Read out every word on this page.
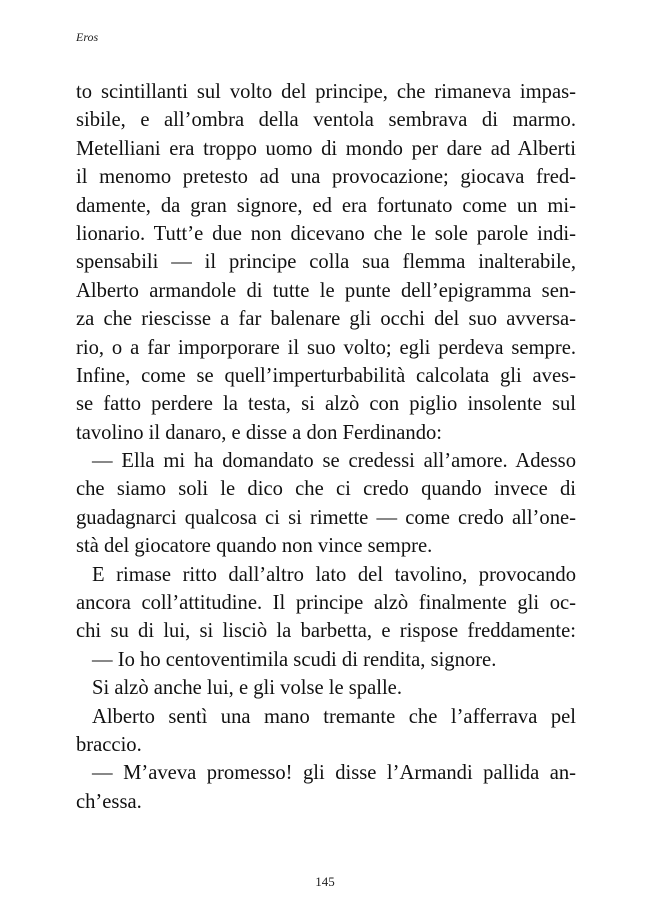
Eros
to scintillanti sul volto del principe, che rimaneva impas-
sibile, e all’ombra della ventola sembrava di marmo.
Metelliani era troppo uomo di mondo per dare ad Alberti
il menomo pretesto ad una provocazione; giocava fred-
damente, da gran signore, ed era fortunato come un mi-
lionario. Tutt’e due non dicevano che le sole parole indi-
spensabili — il principe colla sua flemma inalterabile,
Alberto armandole di tutte le punte dell’epigramma sen-
za che riescisse a far balenare gli occhi del suo avversa-
rio, o a far imporporare il suo volto; egli perdeva sempre.
Infine, come se quell’imperturbabilità calcolata gli aves-
se fatto perdere la testa, si alzò con piglio insolente sul
tavolino il danaro, e disse a don Ferdinando:
— Ella mi ha domandato se credessi all’amore. Adesso
che siamo soli le dico che ci credo quando invece di
guadagnarci qualcosa ci si rimette — come credo all’one-
stà del giocatore quando non vince sempre.
E rimase ritto dall’altro lato del tavolino, provocando
ancora coll’attitudine. Il principe alzò finalmente gli oc-
chi su di lui, si lisciò la barbetta, e rispose freddamente:
— Io ho centoventimila scudi di rendita, signore.
Si alzò anche lui, e gli volse le spalle.
Alberto sentì una mano tremante che l’afferrava pel
braccio.
— M’aveva promesso! gli disse l’Armandi pallida an-
ch’essa.
145
